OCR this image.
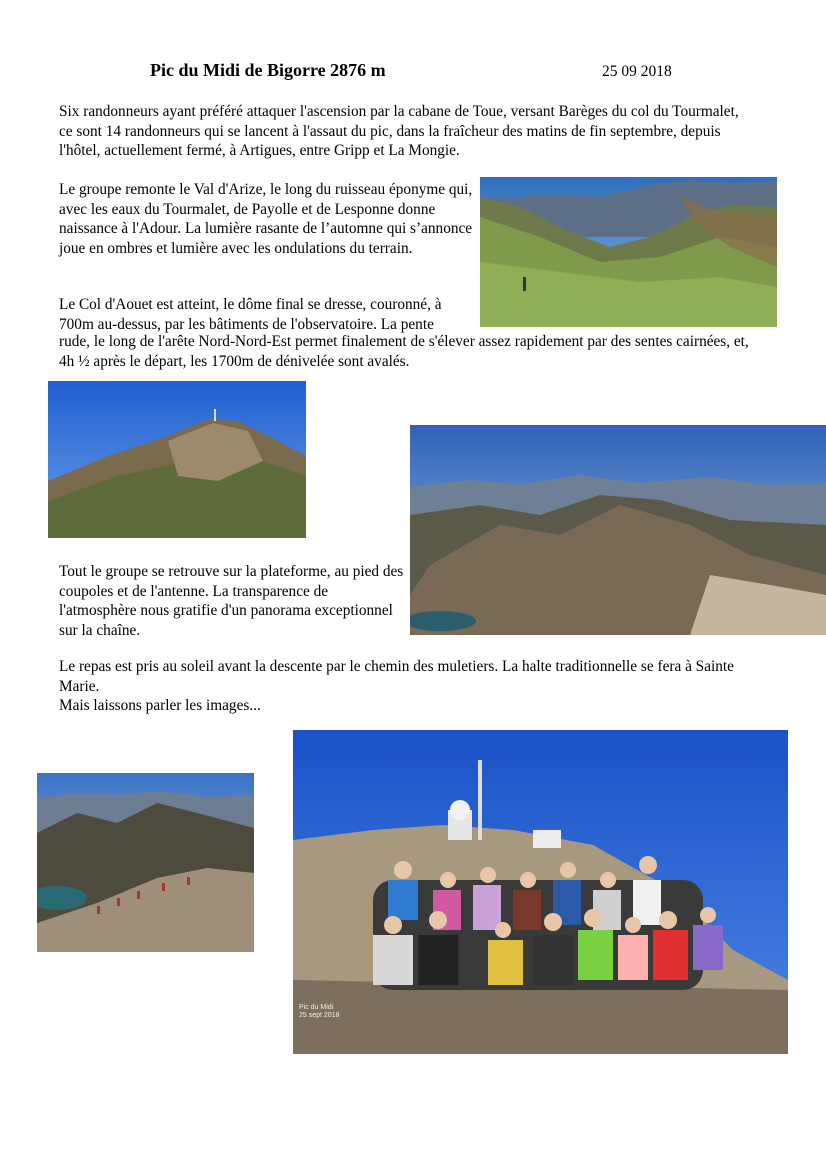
Pic du Midi de Bigorre 2876 m	25 09 2018
Six randonneurs ayant préféré attaquer l'ascension par la cabane de Toue, versant Barèges du col du Tourmalet, ce sont 14 randonneurs qui se lancent à l'assaut du pic, dans la fraîcheur des matins de fin septembre, depuis l'hôtel, actuellement fermé, à Artigues, entre Gripp et La Mongie.
Le groupe remonte le Val d'Arize, le long du ruisseau éponyme qui, avec les eaux du Tourmalet, de Payolle et de Lesponne donne naissance à l'Adour. La lumière rasante de l’automne qui s’annonce joue en ombres et lumière avec les ondulations du terrain.
Le Col d'Aouet est atteint, le dôme final se dresse, couronné, à 700m au-dessus, par les bâtiments de l'observatoire. La pente
rude, le long de l'arête Nord-Nord-Est permet finalement de s'élever assez rapidement par des sentes cairnées, et, 4h ½ après le départ, les 1700m de dénivelée sont avalés.
Tout le groupe se retrouve sur la plateforme, au pied des coupoles et de l'antenne. La transparence de l'atmosphère nous gratifie d'un panorama exceptionnel sur la chaîne.
Le repas est pris au soleil avant la descente par le chemin des muletiers. La halte traditionnelle se fera à Sainte Marie.
Mais laissons parler les images...
Pic du Midi
25 sept 2018
